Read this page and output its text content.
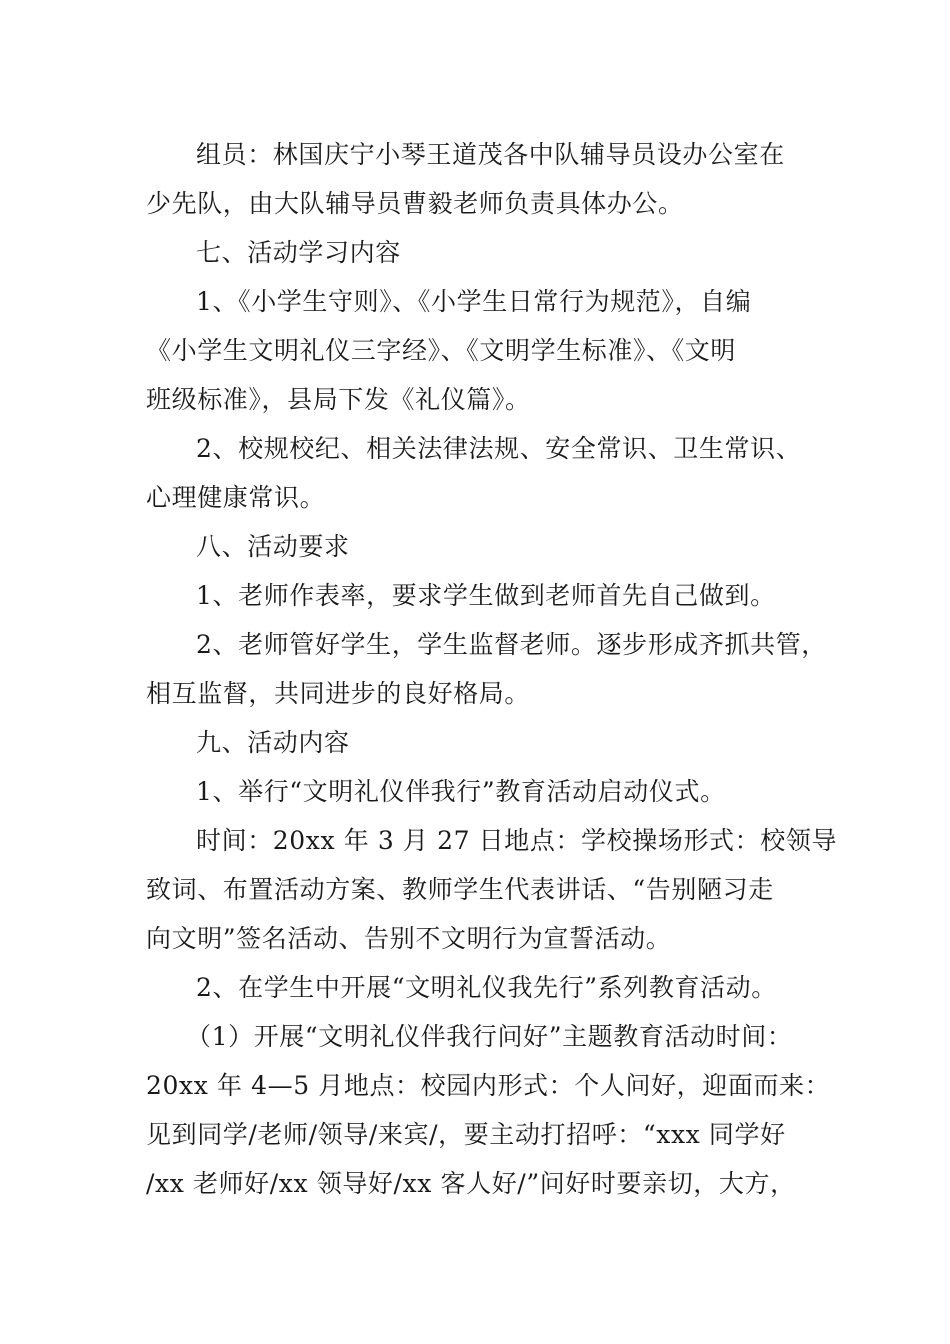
组员：林国庆宁小琴王道茂各中队辅导员设办公室在
少先队，由大队辅导员曹毅老师负责具体办公。
七、活动学习内容
1、《小学生守则》、《小学生日常行为规范》，自编
《小学生文明礼仪三字经》、《文明学生标准》、《文明
班级标准》，县局下发《礼仪篇》。
2、校规校纪、相关法律法规、安全常识、卫生常识、
心理健康常识。
八、活动要求
1、老师作表率，要求学生做到老师首先自己做到。
2、老师管好学生，学生监督老师。逐步形成齐抓共管，
相互监督，共同进步的良好格局。
九、活动内容
1、举行“文明礼仪伴我行”教育活动启动仪式。
时间：20xx 年 3 月 27 日地点：学校操场形式：校领导
致词、布置活动方案、教师学生代表讲话、“告别陋习走
向文明”签名活动、告别不文明行为宣誓活动。
2、在学生中开展“文明礼仪我先行”系列教育活动。
（1）开展“文明礼仪伴我行问好”主题教育活动时间：
20xx 年 4—5 月地点：校园内形式：个人问好，迎面而来：
见到同学/老师/领导/来宾/，要主动打招呼：“xxx 同学好
/xx 老师好/xx 领导好/xx 客人好/”问好时要亲切，大方，
